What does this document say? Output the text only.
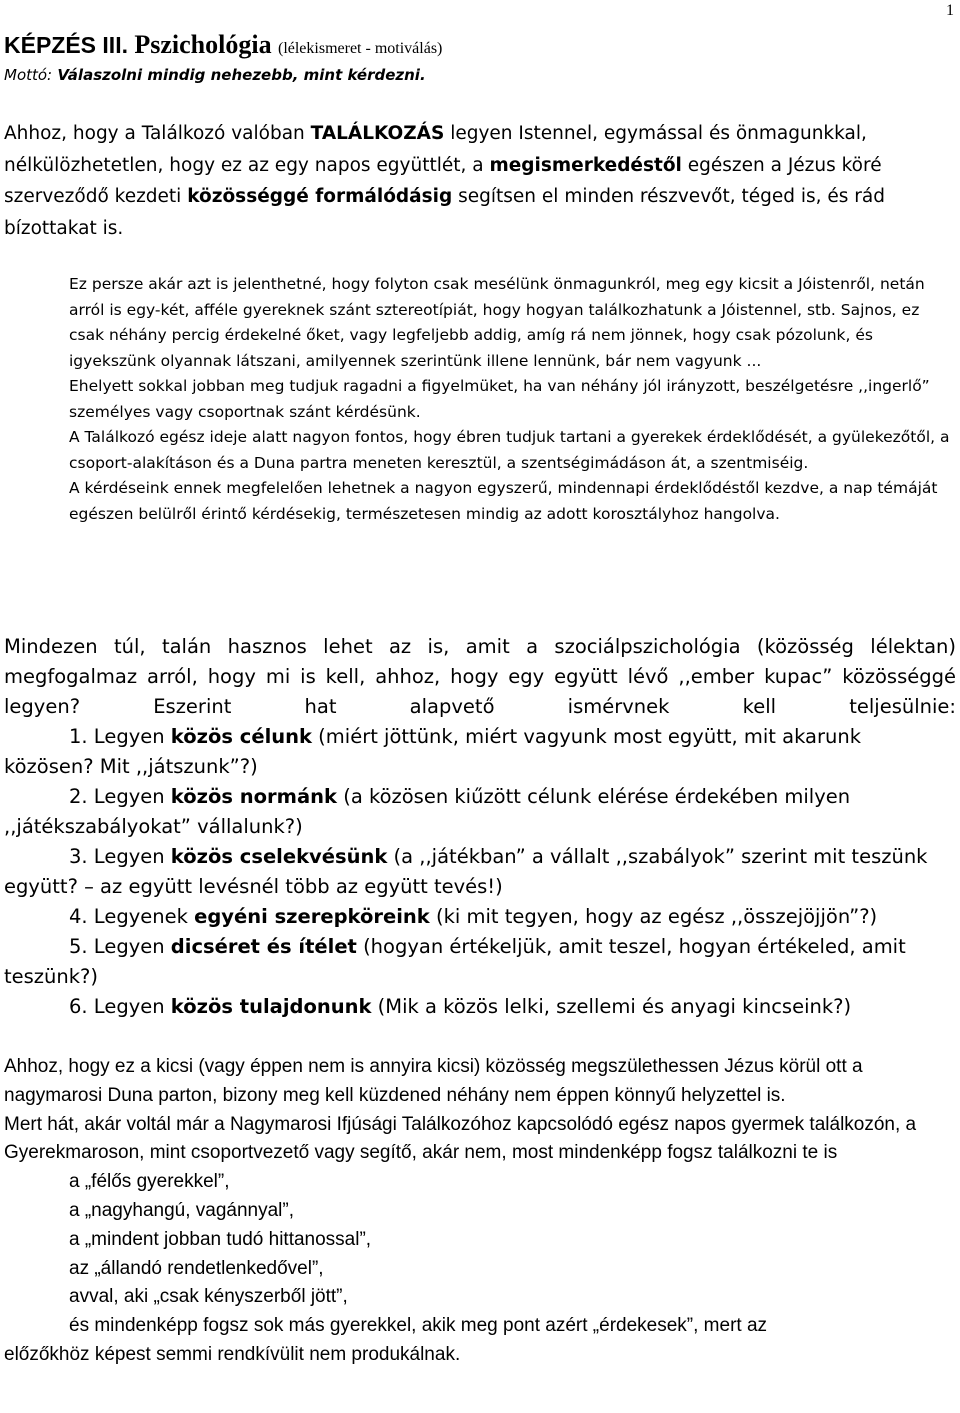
1
KÉPZÉS III. Pszichológia (lélekismeret - motiválás)
Mottó: Válaszolni mindig nehezebb, mint kérdezni.
Ahhoz, hogy a Találkozó valóban TALÁLKOZÁS legyen Istennel, egymással és önmagunkkal, nélkülözhetetlen, hogy ez az egy napos együttlét, a megismerkedéstől egészen a Jézus köré szerveződő kezdeti közösséggé formálódásig segítsen el minden részvevőt, téged is, és rád bízottakat is.

Ez persze akár azt is jelenthetné, hogy folyton csak mesélünk önmagunkról, meg egy kicsit a Jóistenről, netán arról is egy-két, afféle gyereknek szánt sztereotípiát, hogy hogyan találkozhatunk a Jóistennel, stb. Sajnos, ez csak néhány percig érdekelné őket, vagy legfeljebb addig, amíg rá nem jönnek, hogy csak pózolunk, és igyekszünk olyannak látszani, amilyennek szerintünk illene lennünk, bár nem vagyunk ...

Ehelyett sokkal jobban meg tudjuk ragadni a figyelmüket, ha van néhány jól irányzott, beszélgetésre ,,ingerlő” személyes vagy csoportnak szánt kérdésünk.

A Találkozó egész ideje alatt nagyon fontos, hogy ébren tudjuk tartani a gyerekek érdeklődését, a gyülekezőtől, a csoport-alakításon és a Duna partra meneten keresztül, a szentségimádáson át, a szentmiséig.

A kérdéseink ennek megfelelően lehetnek a nagyon egyszerű, mindennapi érdeklődéstől kezdve, a nap témáját egészen belülről érintő kérdésekig, természetesen mindig az adott korosztályhoz hangolva.

Mindezen túl, talán hasznos lehet az is, amit a szociálpszichológia (közösség lélektan) megfogalmaz arról, hogy mi is kell, ahhoz, hogy egy együtt lévő ,,ember kupac” közösséggé legyen? Eszerint hat alapvető ismérvnek kell teljesülnie:

1. Legyen közös célunk (miért jöttünk, miért vagyunk most együtt, mit akarunk közösen? Mit ,,játszunk”?)

2. Legyen közös normánk (a közösen kiűzött célunk elérése érdekében milyen ,,játékszabályokat” vállalunk?)

3. Legyen közös cselekvésünk (a ,,játékban” a vállalt ,,szabályok” szerint mit teszünk együtt? – az együtt levésnél több az együtt tevés!)

4. Legyenek egyéni szerepköreink (ki mit tegyen, hogy az egész ,,összejöjjön”?)

5. Legyen dicséret és ítélet (hogyan értékeljük, amit teszel, hogyan értékeled, amit teszünk?)

6. Legyen közös tulajdonunk (Mik a közös lelki, szellemi és anyagi kincseink?)

Ahhoz, hogy ez a kicsi (vagy éppen nem is annyira kicsi) közösség megszülethessen Jézus körül ott a nagymarosi Duna parton, bizony meg kell küzdened néhány nem éppen könnyű helyzettel is.

Mert hát, akár voltál már a Nagymarosi Ifjúsági Találkozóhoz kapcsolódó egész napos gyermek találkozón, a Gyerekmaroson, mint csoportvezető vagy segítő, akár nem, most mindenképp fogsz találkozni te is

a „félős gyerekkel”,

a „nagyhangú, vagánnyal”,

a „mindent jobban tudó hittanossal”,

az „állandó rendetlenkedővel”,

avval, aki „csak kényszerből jött”,

és mindenképp fogsz sok más gyerekkel, akik meg pont azért „érdekesek”, mert az

előzőkhöz képest semmi rendkívülit nem produkálnak.
